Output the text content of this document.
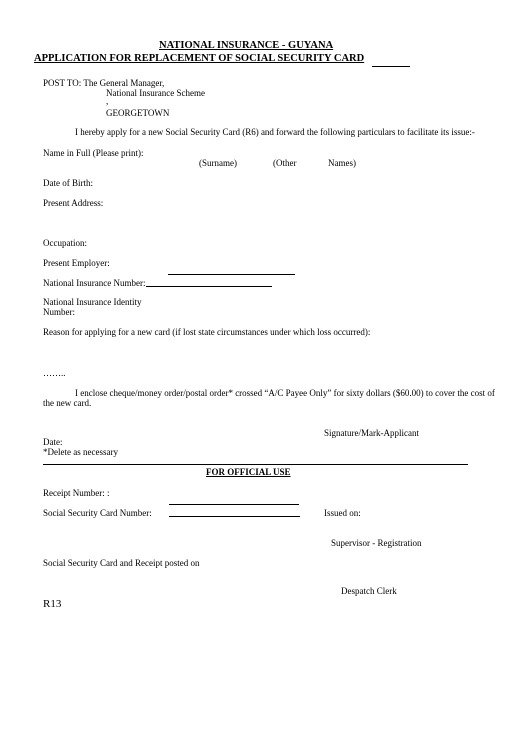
NATIONAL INSURANCE - GUYANA
APPLICATION FOR REPLACEMENT OF SOCIAL SECURITY CARD
POST TO: The General Manager,
National Insurance Scheme
,
GEORGETOWN
I hereby apply for a new Social Security Card (R6) and forward the following particulars to facilitate its issue:-
Name in Full (Please print):
(Surname)	(Other	Names)
Date of Birth:
Present Address:
Occupation:
Present Employer:
National Insurance Number:
National Insurance Identity
Number:
Reason for applying for a new card (if lost state circumstances under which loss occurred):
……..
I enclose cheque/money order/postal order* crossed “A/C Payee Only” for sixty dollars ($60.00) to cover the cost of
the new card.
Signature/Mark-Applicant
Date:
*Delete as necessary
FOR OFFICIAL USE
Receipt Number: :
Social Security Card Number:	Issued on:
Supervisor - Registration
Social Security Card and Receipt posted on
Despatch Clerk
R13
